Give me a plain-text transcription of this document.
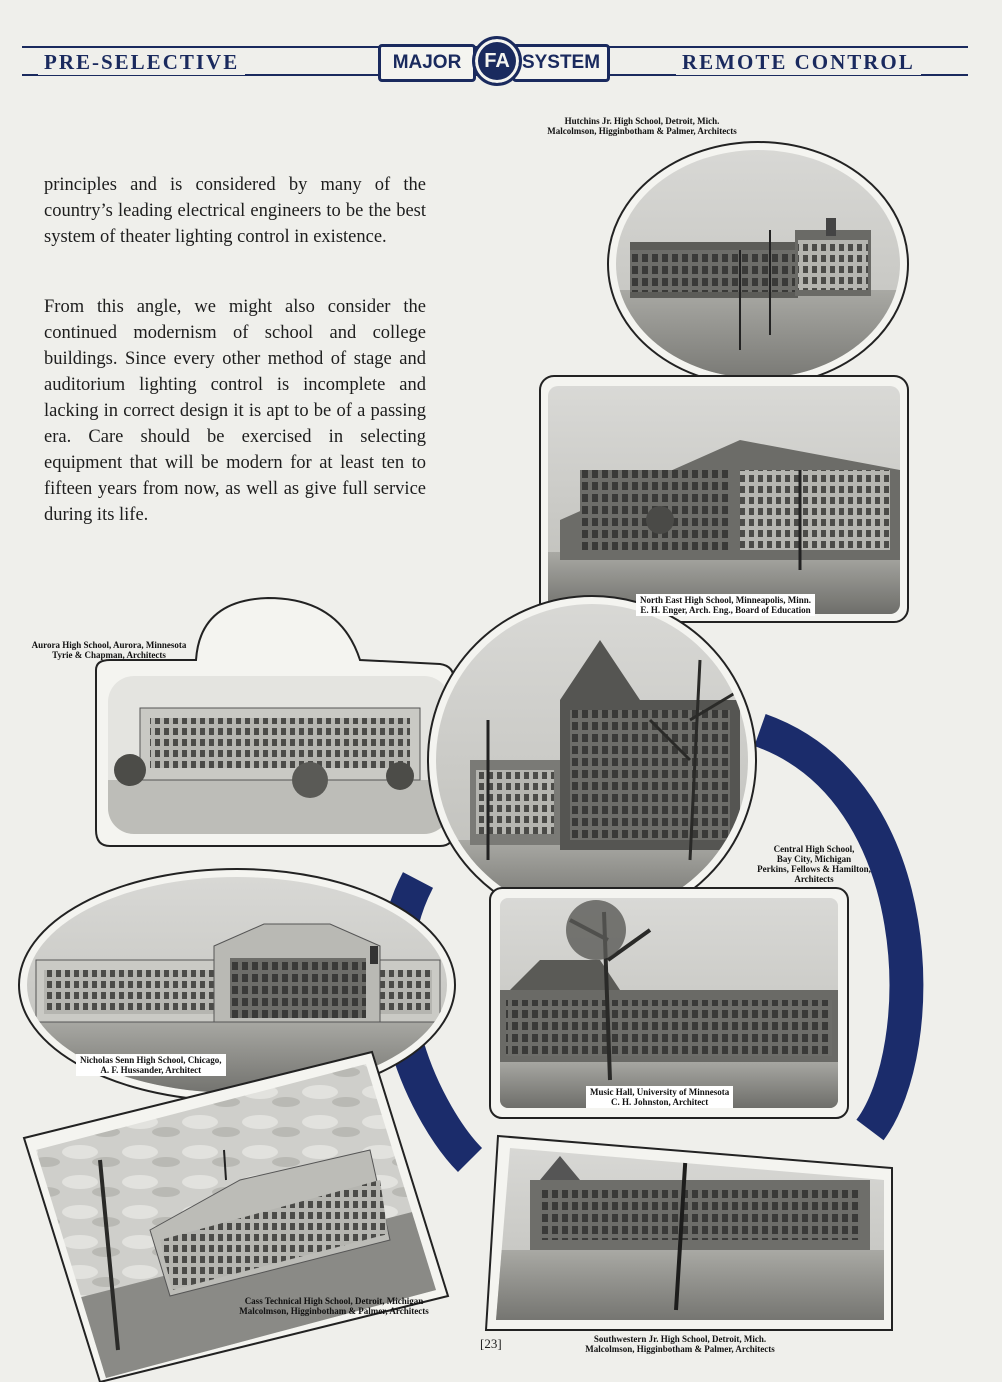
PRE-SELECTIVE	REMOTE CONTROL
MAJOR	SYSTEM
FA

principles and is considered by many of the country’s leading electrical engineers to be the best system of theater lighting control in existence.

From this angle, we might also consider the continued modernism of school and college buildings. Since every other method of stage and auditorium lighting control is incomplete and lacking in correct design it is apt to be of a passing era. Care should be exercised in selecting equipment that will be modern for at least ten to fifteen years from now, as well as give full service during its life.

Hutchins Jr. High School, Detroit, Mich.
Malcolmson, Higginbotham & Palmer, Architects
North East High School, Minneapolis, Minn.
E. H. Enger, Arch. Eng., Board of Education
Aurora High School, Aurora, Minnesota
Tyrie & Chapman, Architects
Central High School,
Bay City, Michigan
Perkins, Fellows & Hamilton,
Architects
Nicholas Senn High School, Chicago,
A. F. Hussander, Architect
Music Hall, University of Minnesota
C. H. Johnston, Architect
Cass Technical High School, Detroit, Michigan
Malcolmson, Higginbotham & Palmer, Architects
Southwestern Jr. High School, Detroit, Mich.
Malcolmson, Higginbotham & Palmer, Architects
[23]
